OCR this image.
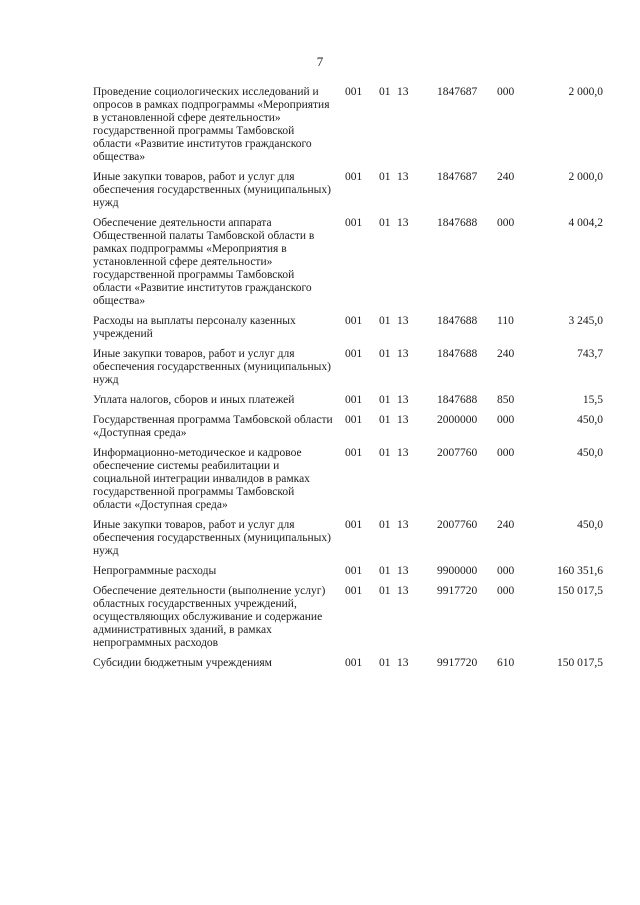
7
Проведение социологических исследований и опросов в рамках подпрограммы «Мероприятия в установленной сфере деятельности» государственной программы Тамбовской области «Развитие институтов гражданского общества»	001	01	13	1847687	000	2 000,0
Иные закупки товаров, работ и услуг для обеспечения государственных (муниципальных) нужд	001	01	13	1847687	240	2 000,0
Обеспечение деятельности аппарата Общественной палаты Тамбовской области в рамках подпрограммы «Мероприятия в установленной сфере деятельности» государственной программы Тамбовской области «Развитие институтов гражданского общества»	001	01	13	1847688	000	4 004,2
Расходы на выплаты персоналу казенных учреждений	001	01	13	1847688	110	3 245,0
Иные закупки товаров, работ и услуг для обеспечения государственных (муниципальных) нужд	001	01	13	1847688	240	743,7
Уплата налогов, сборов и иных платежей	001	01	13	1847688	850	15,5
Государственная программа Тамбовской области «Доступная среда»	001	01	13	2000000	000	450,0
Информационно-методическое и кадровое обеспечение системы реабилитации и социальной интеграции инвалидов в рамках государственной программы Тамбовской области «Доступная среда»	001	01	13	2007760	000	450,0
Иные закупки товаров, работ и услуг для обеспечения государственных (муниципальных) нужд	001	01	13	2007760	240	450,0
Непрограммные расходы	001	01	13	9900000	000	160 351,6
Обеспечение деятельности (выполнение услуг) областных государственных учреждений, осуществляющих обслуживание и содержание административных зданий, в рамках непрограммных расходов	001	01	13	9917720	000	150 017,5
Субсидии бюджетным учреждениям	001	01	13	9917720	610	150 017,5
